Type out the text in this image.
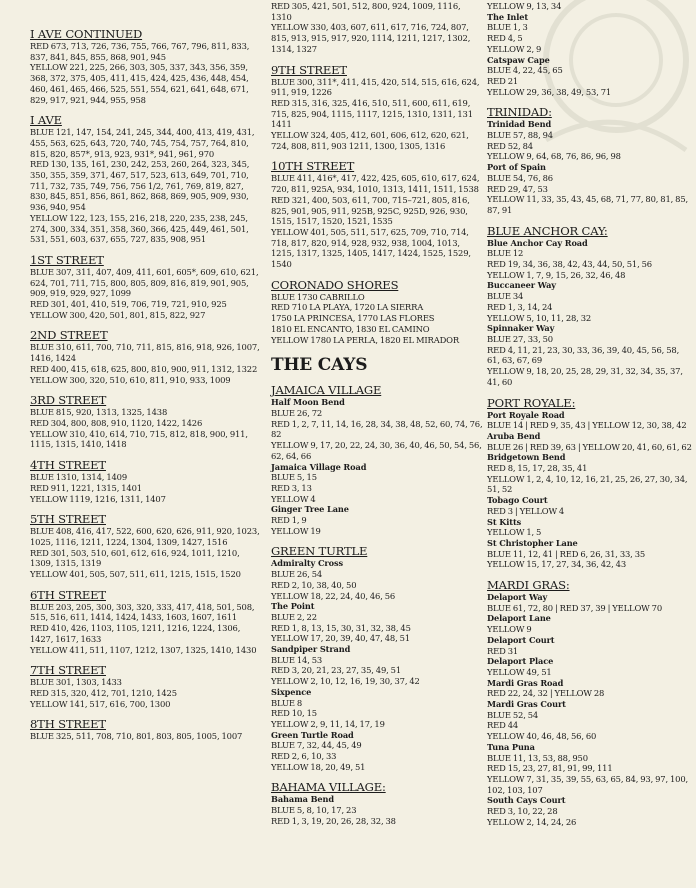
I AVE CONTINUED
RED 673, 713, 726, 736, 755, 766, 767, 796, 811, 833, 837, 841, 845, 855, 868, 901, 945
YELLOW 221, 225, 266, 303, 305, 337, 343, 356, 359, 368, 372, 375, 405, 411, 415, 424, 425, 436, 448, 454, 460, 461, 465, 466, 525, 551, 554, 621, 641, 648, 671, 829, 917, 921, 944, 955, 958
I AVE
BLUE 121, 147, 154, 241, 245, 344, 400, 413, 419, 431, 455, 563, 625, 643, 720, 740, 745, 754, 757, 764, 810, 815, 820, 857*, 913, 923, 931*, 941, 961, 970
RED 130, 135, 161, 230, 242, 253, 260, 264, 323, 345, 350, 355, 359, 371, 467, 517, 523, 613, 649, 701, 710, 711, 732, 735, 749, 756, 756 1/2, 761, 769, 819, 827, 830, 845, 851, 856, 861, 862, 868, 869, 905, 909, 930, 936, 940, 954
YELLOW 122, 123, 155, 216, 218, 220, 235, 238, 245, 274, 300, 334, 351, 358, 360, 366, 425, 449, 461, 501, 531, 551, 603, 637, 655, 727, 835, 908, 951
1ST STREET
BLUE 307, 311, 407, 409, 411, 601, 605*, 609, 610, 621, 624, 701, 711, 715, 800, 805, 809, 816, 819, 901, 905, 909, 919, 929, 927, 1099
RED 301, 401, 410, 519, 706, 719, 721, 910, 925
YELLOW 300, 420, 501, 801, 815, 822, 927
2ND STREET
BLUE 310, 611, 700, 710, 711, 815, 816, 918, 926, 1007, 1416, 1424
RED 400, 415, 618, 625, 800, 810, 900, 911, 1312, 1322
YELLOW 300, 320, 510, 610, 811, 910, 933, 1009
3RD STREET
BLUE 815, 920, 1313, 1325, 1438
RED 304, 800, 808, 910, 1120, 1422, 1426
YELLOW 310, 410, 614, 710, 715, 812, 818, 900, 911, 1115, 1315, 1410, 1418
4TH STREET
BLUE 1310, 1314, 1409
RED 911, 1221, 1315, 1401
YELLOW 1119, 1216, 1311, 1407
5TH STREET
BLUE 408, 416, 417, 522, 600, 620, 626, 911, 920, 1023, 1025, 1116, 1211, 1224, 1304, 1309, 1427, 1516
RED 301, 503, 510, 601, 612, 616, 924, 1011, 1210, 1309, 1315, 1319
YELLOW 401, 505, 507, 511, 611, 1215, 1515, 1520
6TH STREET
BLUE 203, 205, 300, 303, 320, 333, 417, 418, 501, 508, 515, 516, 611, 1414, 1424, 1433, 1603, 1607, 1611
RED 410, 426, 1103, 1105, 1211, 1216, 1224, 1306, 1427, 1617, 1633
YELLOW 411, 511, 1107, 1212, 1307, 1325, 1410, 1430
7TH STREET
BLUE 301, 1303, 1433
RED 315, 320, 412, 701, 1210, 1425
YELLOW 141, 517, 616, 700, 1300
8TH STREET
BLUE 325, 511, 708, 710, 801, 803, 805, 1005, 1007
RED 305, 421, 501, 512, 800, 924, 1009, 1116, 1310
YELLOW 330, 403, 607, 611, 617, 716, 724, 807, 815, 913, 915, 917, 920, 1114, 1211, 1217, 1302, 1314, 1327
9TH STREET
BLUE 300, 311*, 411, 415, 420, 514, 515, 616, 624, 911, 919, 1226
RED 315, 316, 325, 416, 510, 511, 600, 611, 619, 715, 825, 904, 1115, 1117, 1215, 1310, 1311, 131 1411
YELLOW 324, 405, 412, 601, 606, 612, 620, 621, 724, 808, 811, 903 1211, 1300, 1305, 1316
10TH STREET
BLUE 411, 416*, 417, 422, 425, 605, 610, 617, 624, 720, 811, 925A, 934, 1010, 1313, 1411, 1511, 1538
RED 321, 400, 503, 611, 700, 715–721, 805, 816, 825, 901, 905, 911, 925B, 925C, 925D, 926, 930, 1515, 1517, 1520, 1521, 1535
YELLOW 401, 505, 511, 517, 625, 709, 710, 714, 718, 817, 820, 914, 928, 932, 938, 1004, 1013, 1215, 1317, 1325, 1405, 1417, 1424, 1525, 1529, 1540
CORONADO SHORES
BLUE 1730 CABRILLO
RED 710 LA PLAYA, 1720 LA SIERRA
1750 LA PRINCESA, 1770 LAS FLORES
1810 EL ENCANTO, 1830 EL CAMINO
YELLOW 1780 LA PERLA, 1820 EL MIRADOR
THE CAYS
JAMAICA VILLAGE
Half Moon Bend
BLUE 26, 72
RED 1, 2, 7, 11, 14, 16, 28, 34, 38, 48, 52, 60, 74, 76, 82
YELLOW 9, 17, 20, 22, 24, 30, 36, 40, 46, 50, 54, 56, 62, 64, 66
Jamaica Village Road
BLUE 5, 15
RED 3, 13
YELLOW 4
Ginger Tree Lane
RED 1, 9
YELLOW 19
GREEN TURTLE
Admiralty Cross
BLUE 26, 54
RED 2, 10, 38, 40, 50
YELLOW 18, 22, 24, 40, 46, 56
The Point
BLUE 2, 22
RED 1, 8, 13, 15, 30, 31, 32, 38, 45
YELLOW 17, 20, 39, 40, 47, 48, 51
Sandpiper Strand
BLUE 14, 53
RED 3, 20, 21, 23, 27, 35, 49, 51
YELLOW 2, 10, 12, 16, 19, 30, 37, 42
Sixpence
BLUE 8
RED 10, 15
YELLOW 2, 9, 11, 14, 17, 19
Green Turtle Road
BLUE 7, 32, 44, 45, 49
RED 2, 6, 10, 33
YELLOW 18, 20, 49, 51
BAHAMA VILLAGE:
Bahama Bend
BLUE 5, 8, 10, 17, 23
RED 1, 3, 19, 20, 26, 28, 32, 38
YELLOW 9, 13, 34
The Inlet
BLUE 1, 3
RED 4, 5
YELLOW 2, 9
Catspaw Cape
BLUE 4, 22, 45, 65
RED 21
YELLOW 29, 36, 38, 49, 53, 71
TRINIDAD:
Trinidad Bend
BLUE 57, 88, 94
RED 52, 84
YELLOW 9, 64, 68, 76, 86, 96, 98
Port of Spain
BLUE 54, 76, 86
RED 29, 47, 53
YELLOW 11, 33, 35, 43, 45, 68, 71, 77, 80, 81, 85, 87, 91
BLUE ANCHOR CAY:
Blue Anchor Cay Road
BLUE 12
RED 19, 34, 36, 38, 42, 43, 44, 50, 51, 56
YELLOW 1, 7, 9, 15, 26, 32, 46, 48
Buccaneer Way
BLUE 34
RED 1, 3, 14, 24
YELLOW 5, 10, 11, 28, 32
Spinnaker Way
BLUE 27, 33, 50
RED 4, 11, 21, 23, 30, 33, 36, 39, 40, 45, 56, 58, 61, 63, 67, 69
YELLOW 9, 18, 20, 25, 28, 29, 31, 32, 34, 35, 37, 41, 60
PORT ROYALE:
Port Royale Road
BLUE 14 | RED 9, 35, 43 | YELLOW 12, 30, 38, 42
Aruba Bend
BLUE 26 | RED 39, 63 | YELLOW 20, 41, 60, 61, 62
Bridgetown Bend
RED 8, 15, 17, 28, 35, 41
YELLOW 1, 2, 4, 10, 12, 16, 21, 25, 26, 27, 30, 34, 51, 52
Tobago Court
RED 3 | YELLOW 4
St Kitts
YELLOW 1, 5
St Christopher Lane
BLUE 11, 12, 41 | RED 6, 26, 31, 33, 35
YELLOW 15, 17, 27, 34, 36, 42, 43
MARDI GRAS:
Delaport Way
BLUE 61, 72, 80 | RED 37, 39 | YELLOW 70
Delaport Lane
YELLOW 9
Delaport Court
RED 31
Delaport Place
YELLOW 49, 51
Mardi Gras Road
RED 22, 24, 32 | YELLOW 28
Mardi Gras Court
BLUE 52, 54
RED 44
YELLOW 40, 46, 48, 56, 60
Tuna Puna
BLUE 11, 13, 53, 88, 950
RED 15, 23, 27, 81, 91, 99, 111
YELLOW 7, 31, 35, 39, 55, 63, 65, 84, 93, 97, 100, 102, 103, 107
South Cays Court
RED 3, 10, 22, 28
YELLOW 2, 14, 24, 26
